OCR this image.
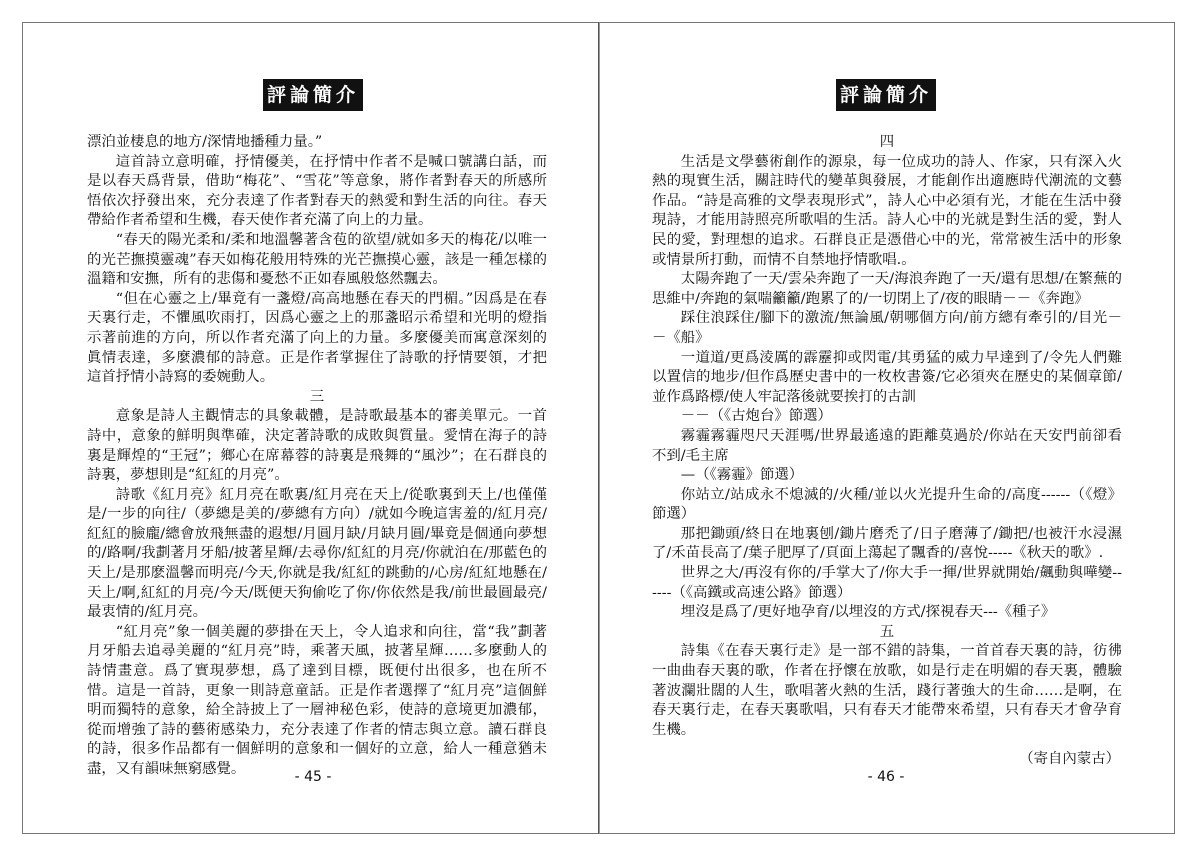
評論簡介

漂泊並棲息的地方/深情地播種力量。”

這首詩立意明確，抒情優美，在抒情中作者不是喊口號講白話，而是以春天爲背景，借助“梅花”、“雪花”等意象，將作者對春天的所感所悟依次抒發出來，充分表達了作者對春天的熱愛和對生活的向往。春天帶給作者希望和生機，春天使作者充滿了向上的力量。

“春天的陽光柔和/柔和地溫馨著含苞的欲望/就如多天的梅花/以唯一的光芒撫摸靈魂”春天如梅花般用特殊的光芒撫摸心靈，該是一種怎樣的溫籍和安撫，所有的悲傷和憂愁不正如春風般悠然飄去。

“但在心靈之上/畢竟有一盞燈/高高地懸在春天的門楣。”因爲是在春天裏行走，不懼風吹雨打，因爲心靈之上的那盞昭示希望和光明的燈指示著前進的方向，所以作者充滿了向上的力量。多麼優美而寓意深刻的眞情表達，多麼濃郁的詩意。正是作者掌握住了詩歌的抒情要領，才把這首抒情小詩寫的委婉動人。

三

意象是詩人主觀情志的具象載體，是詩歌最基本的審美單元。一首詩中，意象的鮮明與準確，決定著詩歌的成敗與質量。愛情在海子的詩裏是輝煌的“王冠”；鄉心在席幕蓉的詩裏是飛舞的“風沙”；在石群良的詩裏，夢想則是“紅紅的月亮”。

詩歌《紅月亮》紅月亮在歌裏/紅月亮在天上/從歌裏到天上/也僅僅是/一步的向往/（夢總是美的/夢總有方向）/就如今晚這害羞的/紅月亮/紅紅的臉龐/總會放飛無盡的遐想/月圓月缺/月缺月圓/畢竟是個通向夢想的/路啊/我劃著月牙船/披著星輝/去尋你/紅紅的月亮/你就泊在/那藍色的天上/是那麽溫馨而明亮/今天,你就是我/紅紅的跳動的/心房/紅紅地懸在/天上/啊,紅紅的月亮/今天/既便天狗偷吃了你/你依然是我/前世最圓最亮/最衷情的/紅月亮。

“紅月亮”象一個美麗的夢掛在天上，令人追求和向往，當“我”劃著月牙船去追尋美麗的“紅月亮”時，乘著天風，披著星輝……多麼動人的詩情畫意。爲了實現夢想，爲了達到目標，既便付出很多，也在所不惜。這是一首詩，更象一則詩意童話。正是作者選擇了“紅月亮”這個鮮明而獨特的意象，給全詩披上了一層神秘色彩，使詩的意境更加濃郁，從而增強了詩的藝術感染力，充分表達了作者的情志與立意。讀石群良的詩，很多作品都有一個鮮明的意象和一個好的立意，給人一種意猶未盡，又有韻味無窮感覺。	- 45 -
評論簡介

四

生活是文學藝術創作的源泉，每一位成功的詩人、作家，只有深入火熱的現實生活，關註時代的變革與發展，才能創作出適應時代潮流的文藝作品。“詩是高雅的文學表現形式”，詩人心中必須有光，才能在生活中發現詩，才能用詩照亮所歌唱的生活。詩人心中的光就是對生活的愛，對人民的愛，對理想的追求。石群良正是憑借心中的光，常常被生活中的形象或情景所打動，而情不自禁地抒情歌唱.。

太陽奔跑了一天/雲朵奔跑了一天/海浪奔跑了一天/還有思想/在繁蕪的思維中/奔跑的氣喘籲籲/跑累了的/一切閉上了/夜的眼睛－－《奔跑》

踩住浪踩住/腳下的激流/無論風/朝哪個方向/前方總有牽引的/目光－－《船》

一道道/更爲淩厲的霹靂抑或閃電/其勇猛的威力早達到了/令先人們難以置信的地步/但作爲歷史書中的一枚枚書簽/它必須夾在歷史的某個章節/並作爲路標/使人牢記落後就要挨打的古訓

－－（《古炮台》節選）

霧霾霧霾咫尺天涯嗎/世界最遙遠的距離莫過於/你站在天安門前卻看不到/毛主席

—（《霧霾》節選）

你站立/站成永不熄滅的/火種/並以火光提升生命的/高度------（《燈》節選）

那把鋤頭/終日在地裏刨/鋤片磨禿了/日子磨薄了/鋤把/也被汗水浸濕了/禾苗長高了/葉子肥厚了/頁面上蕩起了飄香的/喜悅-----《秋天的歌》.

世界之大/再沒有你的/手掌大了/你大手一揮/世界就開始/飆動與嘩變------（《高鐵或高速公路》節選）

埋沒是爲了/更好地孕育/以埋沒的方式/探視春天---《種子》

五

詩集《在春天裏行走》是一部不錯的詩集，一首首春天裏的詩，彷彿一曲曲春天裏的歌，作者在抒懷在放歌，如是行走在明媚的春天裏，體驗著波瀾壯闊的人生，歌唱著火熱的生活，踐行著強大的生命……是啊，在春天裏行走，在春天裏歌唱，只有春天才能帶來希望，只有春天才會孕育生機。

（寄自內蒙古）

- 46 -
